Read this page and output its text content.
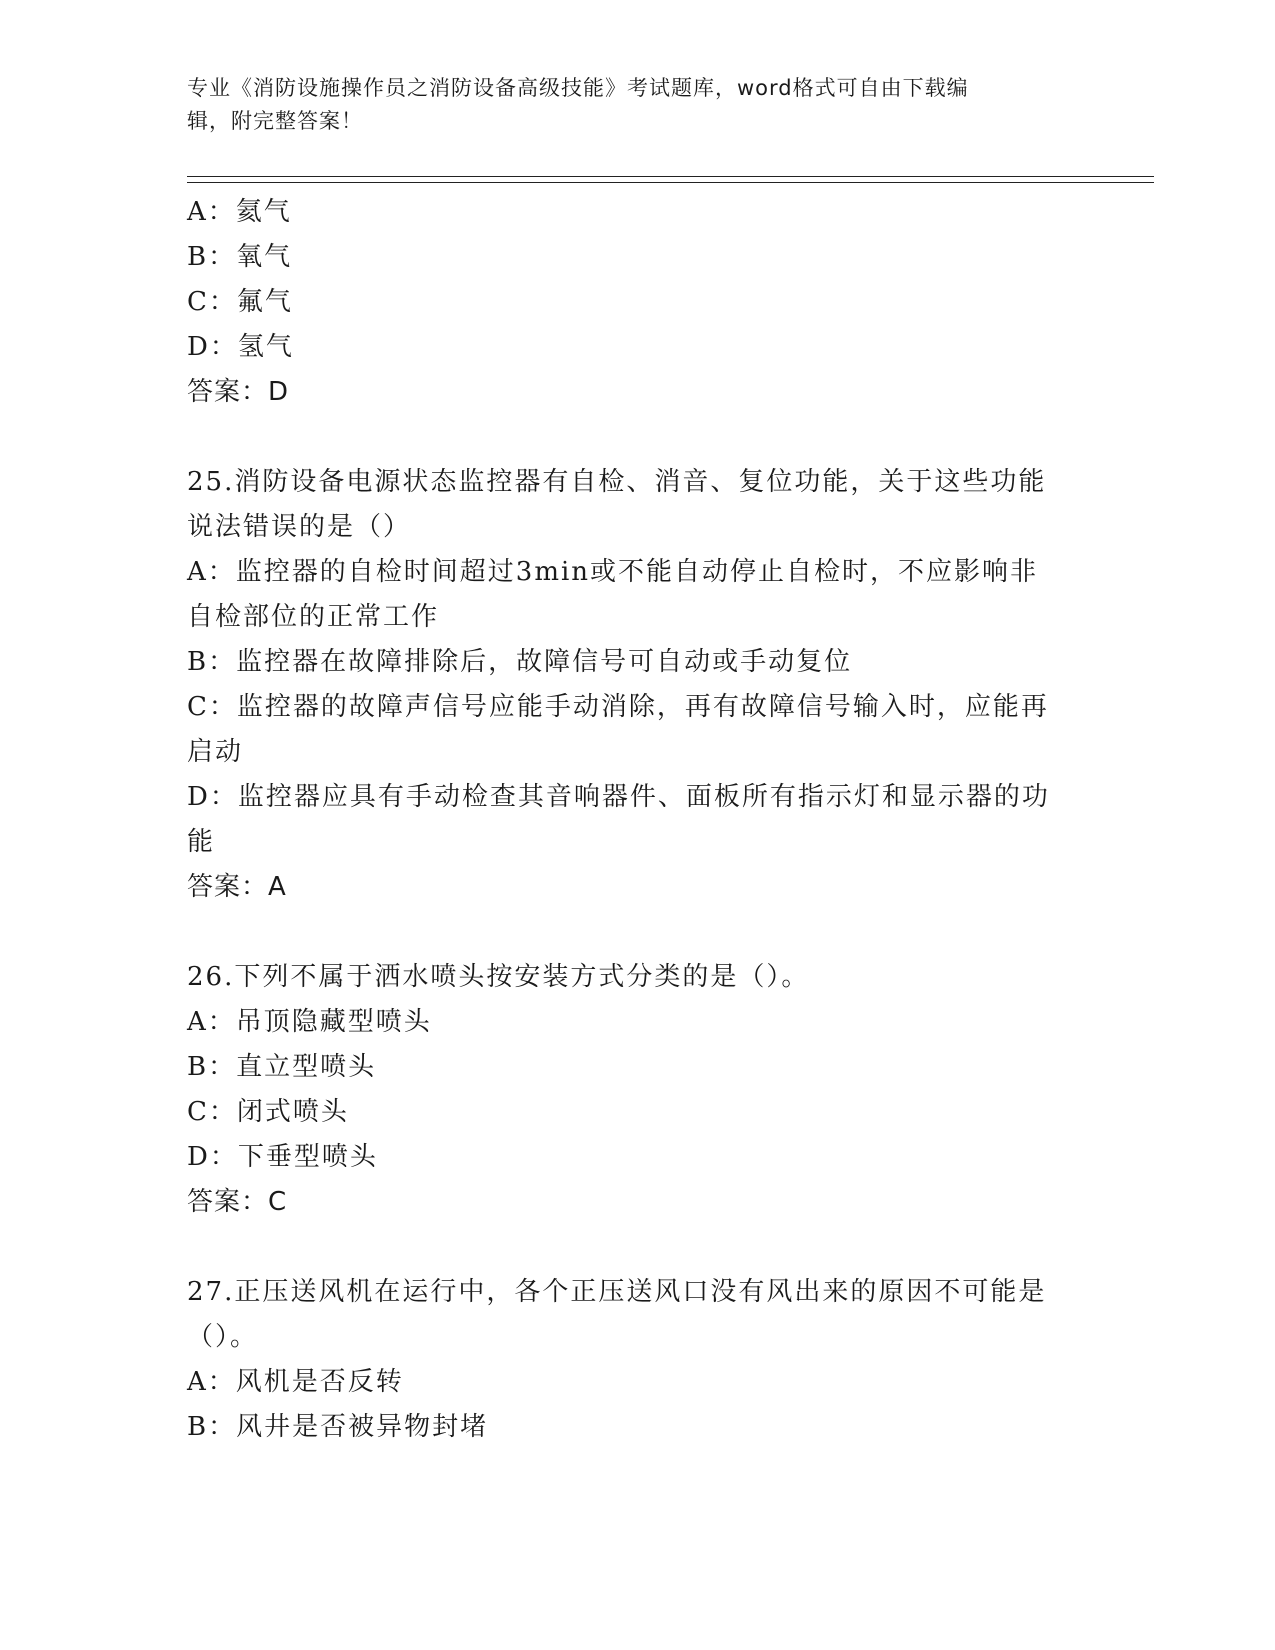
专业《消防设施操作员之消防设备高级技能》考试题库，word格式可自由下载编
辑，附完整答案！

A：氦气

B：氧气

C：氟气

D：氢气

答案：D

25.消防设备电源状态监控器有自检、消音、复位功能，关于这些功能

说法错误的是（）

A：监控器的自检时间超过3min或不能自动停止自检时，不应影响非

自检部位的正常工作

B：监控器在故障排除后，故障信号可自动或手动复位

C：监控器的故障声信号应能手动消除，再有故障信号输入时，应能再

启动

D：监控器应具有手动检查其音响器件、面板所有指示灯和显示器的功

能

答案：A

26.下列不属于洒水喷头按安装方式分类的是（）。

A：吊顶隐藏型喷头

B：直立型喷头

C：闭式喷头

D：下垂型喷头

答案：C

27.正压送风机在运行中，各个正压送风口没有风出来的原因不可能是

（）。

A：风机是否反转

B：风井是否被异物封堵
